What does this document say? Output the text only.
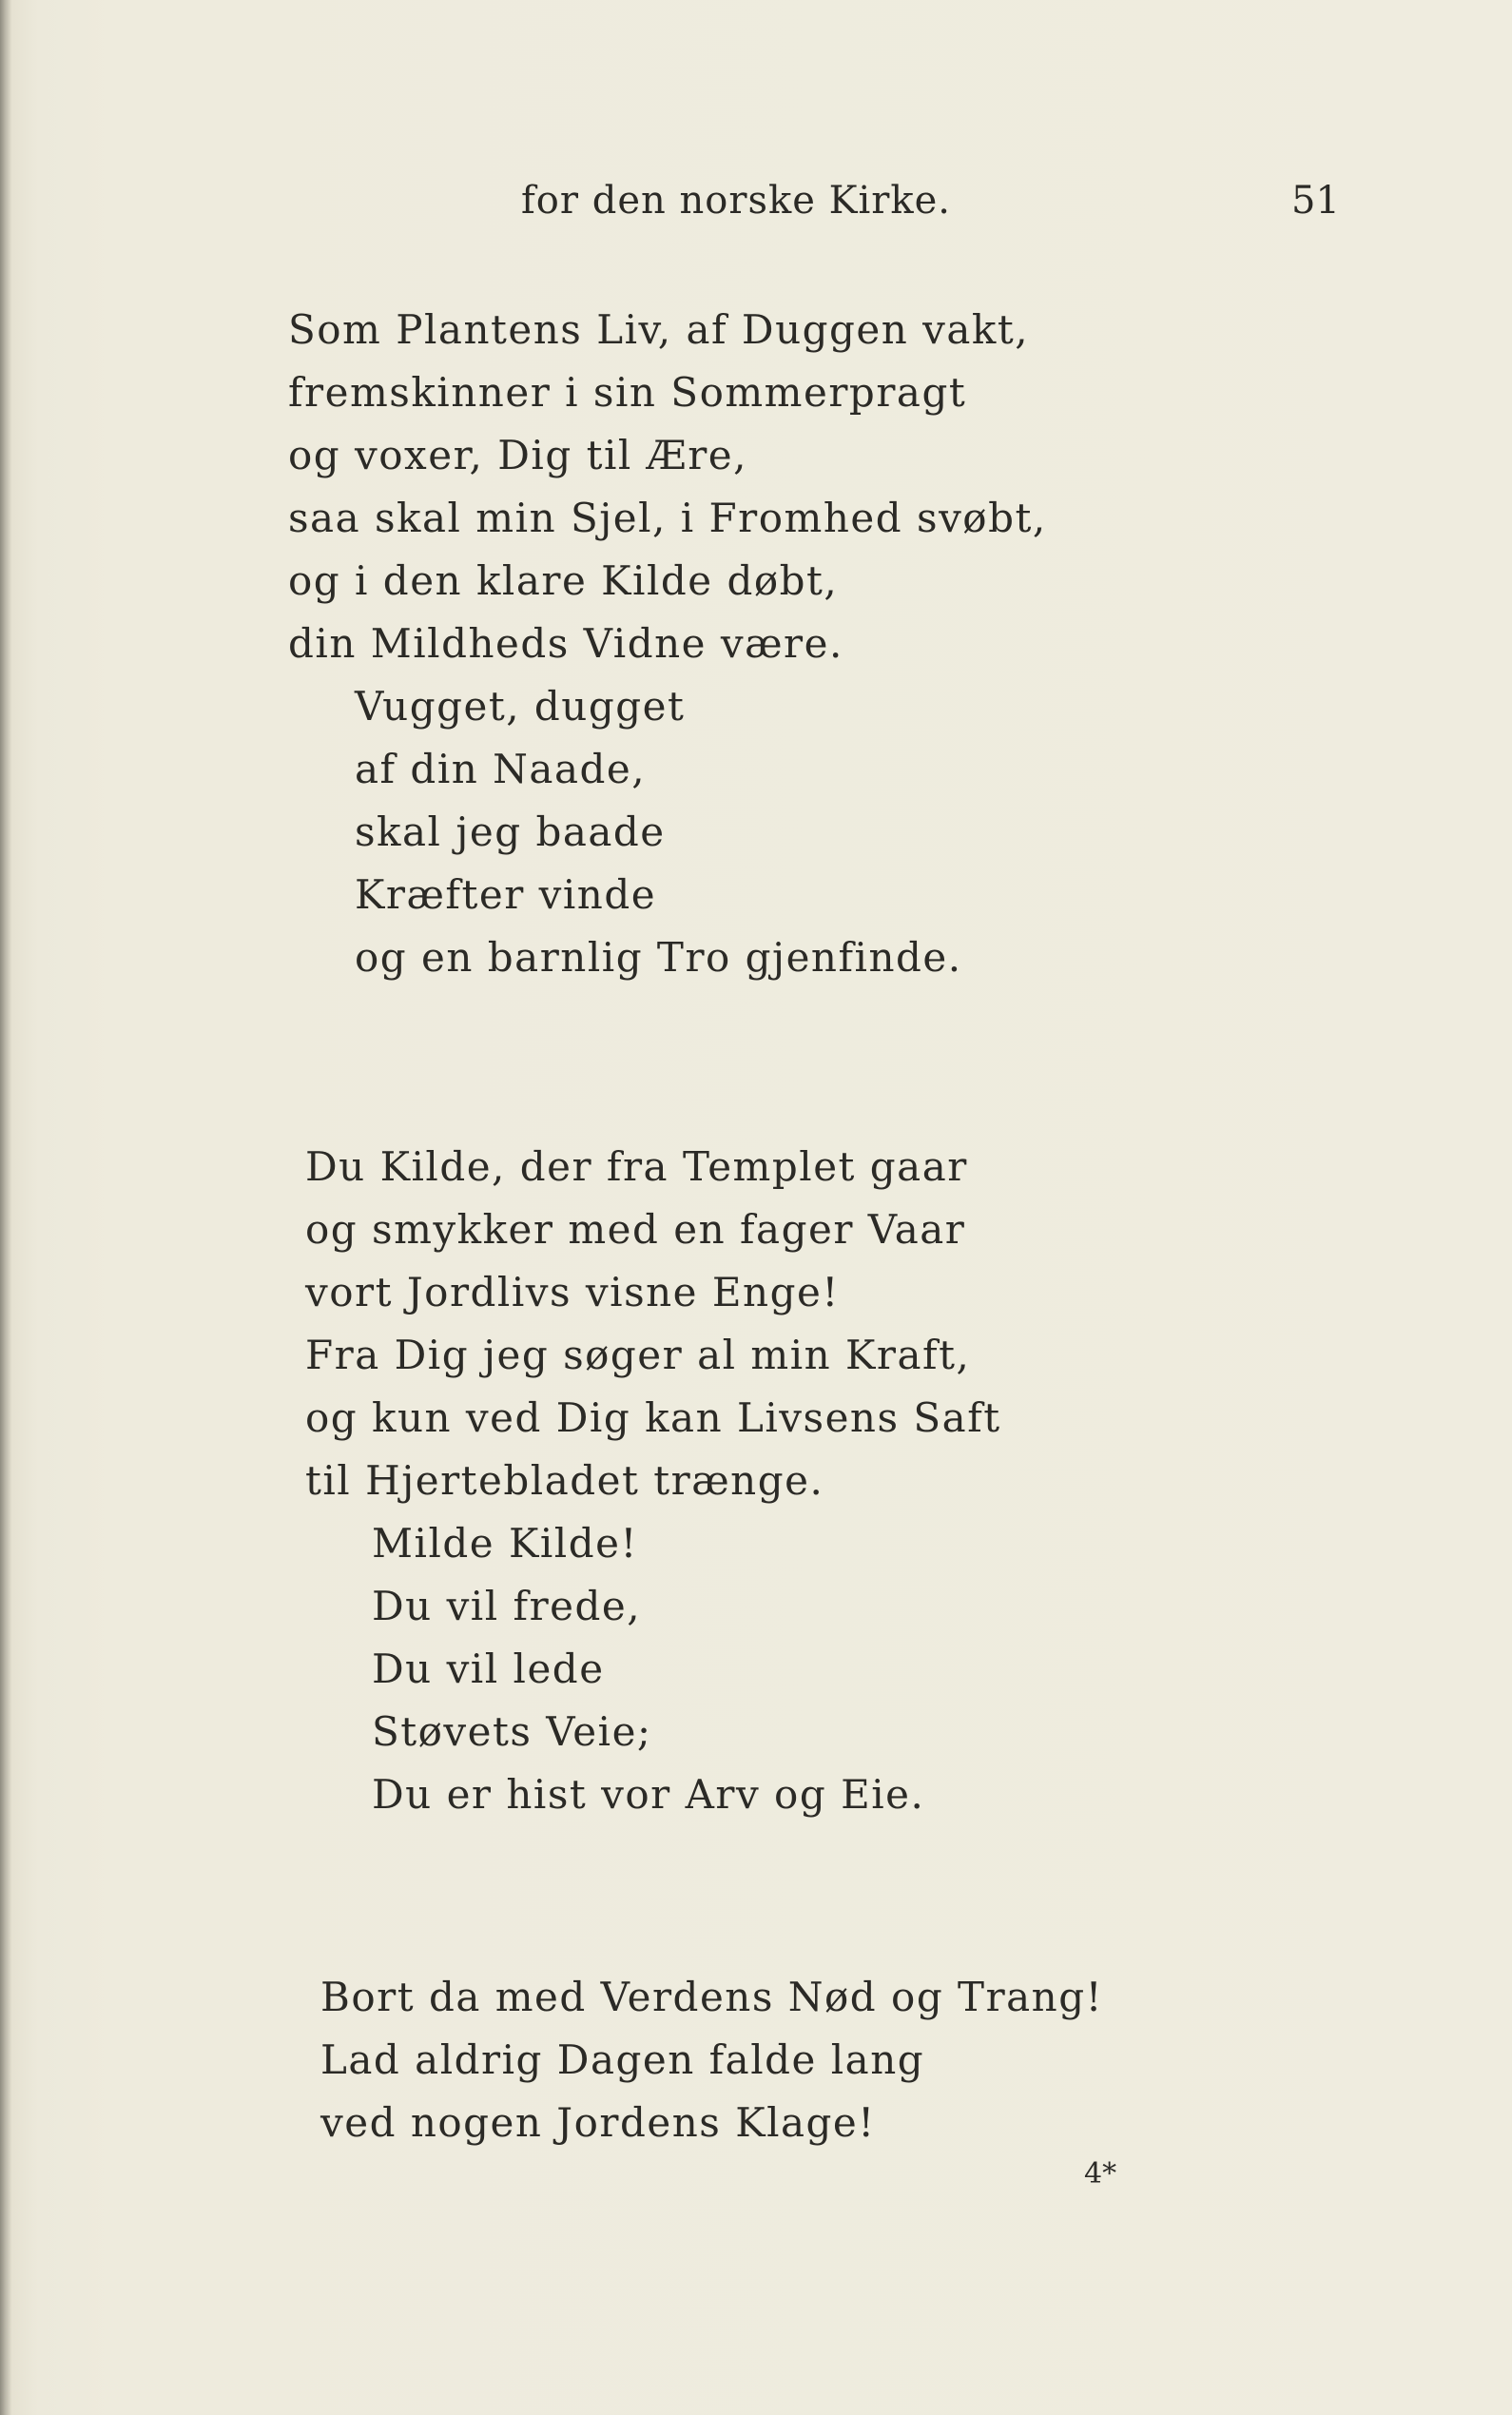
for den norske Kirke.	51
Som Plantens Liv, af Duggen vakt,
fremskinner i sin Sommerpragt
og voxer, Dig til Ære,
saa skal min Sjel, i Fromhed svøbt,
og i den klare Kilde døbt,
din Mildheds Vidne være.
Vugget, dugget
af din Naade,
skal jeg baade
Kræfter vinde
og en barnlig Tro gjenfinde.
Du Kilde, der fra Templet gaar
og smykker med en fager Vaar
vort Jordlivs visne Enge!
Fra Dig jeg søger al min Kraft,
og kun ved Dig kan Livsens Saft
til Hjertebladet trænge.
Milde Kilde!
Du vil frede,
Du vil lede
Støvets Veie;
Du er hist vor Arv og Eie.
Bort da med Verdens Nød og Trang!
Lad aldrig Dagen falde lang
ved nogen Jordens Klage!
4*
